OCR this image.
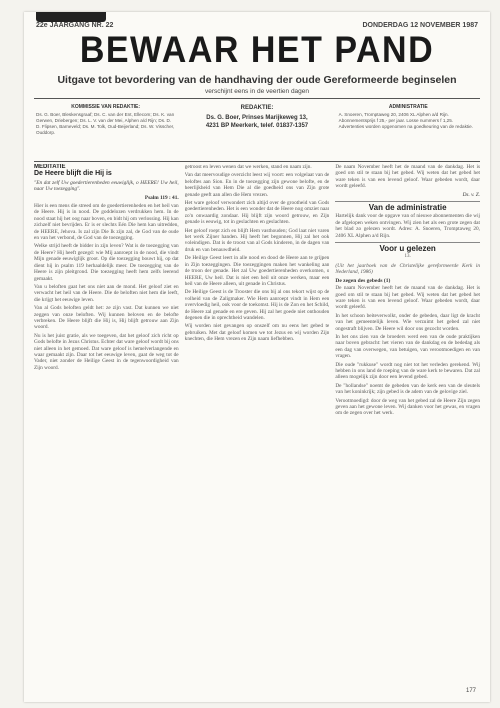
22e JAARGANG NR. 22	DONDERDAG 12 NOVEMBER 1987
BEWAAR HET PAND
Uitgave tot bevordering van de handhaving der oude Gereformeerde beginselen
verschijnt eens in de veertien dagen
KOMMISSIE VAN REDAKTIE:
Ds. G. Boer, Bleskensgraaf; Ds. C. van der Ent, Ellecom; Ds. K. van Gerwen, Driebergen; Ds. L. V. van der Mei, Alphen a/d Rijn; Ds. D. D. Flipsen, Barneveld; Ds. M. Tolk, Oud-Beijerland; Ds. W. Visscher, Ouddorp.
REDAKTIE:
Ds. G. Boer, Prinses Marijkeweg 13,
4231 BP Meerkerk, telef. 01837-1357
ADMINISTRATIE
A. Snoeren, Tromptaweg 20, 2406 XL Alphen a/d Rijn. Abonnementsprijs f 25,- per jaar. Losse nummers f 1,25. Advertenties worden opgenomen na goedkeuring van de redaktie.
MEDITATIE
De Heere blijft die Hij is
"En dat zelf Uw goedertierenheden eeuwiglijk, o HEERE! Uw heil, naar Uw toezegging".
Psalm 119 : 41.

Hier is een mens die streed om de goedertierenheden en het heil van de Heere. Hij is in nood. De goddelozen verdrukken hem. In de nood staat hij het oog naar boven, en bidt hij om verlossing. Hij kan zichzelf niet bevrijden. Er is er slechts Eén Die hem kan uitredden, de HEERE, Jehova. Is zal zijn Die Ik zijn zal, de God van de oude en van het verbond, de God van de toezegging.

Welke strijd heeft de bidder in zijn leven? Wat is de toezegging van de Heere? Hij heeft gezegd: wie Mij aanroept in de nood, die vindt Mijn genade eeuwiglijk groot. Op die toezegging bouwt hij, op dat dient hij in psalm 119 herhaaldelijk meer. De toezegging van de Heere is zijn pleitgrond. Die toezegging heeft hem zelfs leerend gemaakt.

Van u beloften gaat het ons niet aan de mond. Het geloof ziet en verwacht het heil van de Heere. Die de beloften niet hem die leeft, die krijgt het eeuwige leven.

Van al Gods beloften geldt het: ze zijn vast. Dat kunnen we niet zeggen van onze beloften. Wij kunnen beloven en de belofte verbreken. De Heere blijft die Hij is, Hij blijft getrouw aan Zijn woord.

Nu is het juist gratie, als we toegeven, dat het geloof zich richt op Gods belofte in Jezus Christus. Echter dat ware geloof wordt bij ons niet alleen in het gemoed. Dat ware geloof is hemelverlangende en waar gemaakt zijn. Daar tot het eeuwige leven, gaat de weg tot de Vader, niet zonder de Heilige Geest in de tegenwoordigheid van Zijn woord.

getroost en leven wenen dat we werken, stand en naam zijn.

Van dat meervoudige overzicht leest wij voort: een volgelaat van de beloftes aan Sion. En in de toezegging zijn gewone belofte, en de heerlijkheid van Hem Die al die goedheid ons van Zijn grote genade geeft aan allen die Hem vrezen.

Het ware geloof verwondert zich altijd over de grootheid van Gods goedertierenheden. Het is een wonder dat de Heere nog omziet naar zo'n onwaardig zondaar. Hij blijft zijn woord getrouw, en Zijn genade is eeuwig, tot in geslachten en geslachten.

Het geloof roept zich en blijft Hem vasthouden; God laat niet varen het werk Zijner handen. Hij heeft het begonnen, Hij zal het ook voleindigen. Dat is de troost van al Gods kinderen, in de dagen van druk en van benauwdheid.

De Heilige Geest leert in alle nood en dood de Heere aan te grijpen in Zijn toezeggingen. Die toezeggingen maken het wankeling aan de troon der genade. Het zal Uw goedertierenheden overkomen, o HEERE, Uw heil. Dat is niet een heil uit onze werken, maar een heil van de Heere alleen, uit genade in Christus.

De Heilige Geest is de Trooster die ons bij al ons tekort wijst op de volheid van de Zaligmaker. Wie Hem aanroept vindt in Hem een overvloedig heil, ook voor de toekomst. Hij is de Zon en het Schild, de Heere zal genade en ere geven. Hij zal het goede niet onthouden degenen die in oprechtheid wandelen.

Wij worden niet gevangen op onszelf om nu eens het gebed te gebruiken. Met dat geloof komen we tot Jezus en wij worden Zijn knechten, die Hem vrezen en Zijn naam liefhebben.

De naam November heeft het de maand van de dankdag. Het is goed om stil te staan bij het gebed. Wij weten dat het gebed het ware teken is van een levend geloof. Waar gebeden wordt, daar wordt geleefd.

Ds. v. Z.
Van de administratie

Hartelijk dank voor de opgave van of nieuwe abonnementen die wij de afgelopen weken ontvingen. Wij zien het als een grote zegen dat het blad zo gelezen wordt. Adres: A. Snoeren, Tromptaweg 20, 2406 XL Alphen a/d Rijn.

Voor u gelezen
13.

(Uit het jaarboek van de Christelijke gereformeerde Kerk in Nederland, 1986)

De zegen des gebeds (1)

De naam November heeft het de maand van de dankdag. Het is goed om stil te staan bij het gebed. Wij weten dat het gebed het ware teken is van een levend geloof. Waar gebeden wordt, daar wordt geleefd.

In het schoon beiteverwolkt, onder de gebeden, daar ligt de kracht van het gemeentelijk leven. Wie verzuimt het gebed zal niet ongestraft blijven. De Heere wil door ons gezocht worden.

In het ons zien van de broeders werd een van de oude praktijken naar boven gebracht: het vieren van de dankdag en de bededag als een dag van overwegen, van betuigen, van verootmoedigen en van vragen.

Die oude "rukkuse" wordt nog niet tot het verleden gerekend. Wij hebben in ons land de roeping van de ware kerk te bewaren. Dat zal alleen mogelijk zijn door een levend gebed.

De "hollandse" noemt de gebeden van de kerk een van de sleutels van het koninkrijk; zijn gebed is de adem van de gelovige ziel.

Verootmoedigd: door de weg van het gebed zal de Heere Zijn zegen geven aan het gewone leven. Wij danken voor het gewas, en vragen om de zegen over het werk.

177
